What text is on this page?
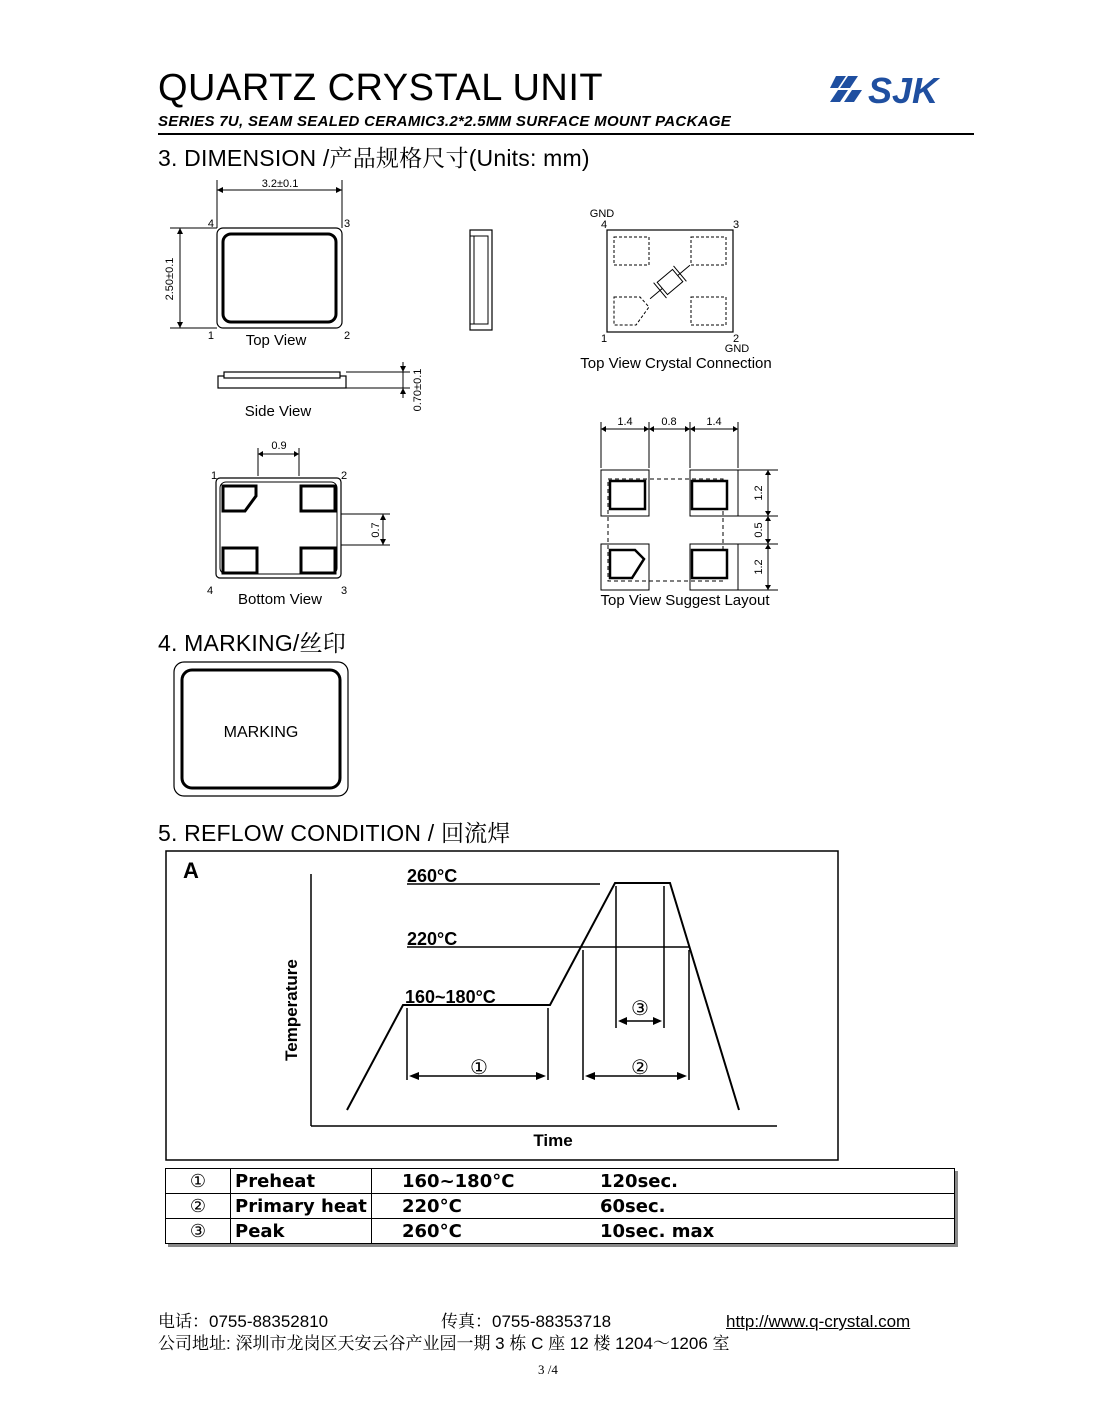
QUARTZ CRYSTAL UNIT
SERIES 7U, SEAM SEALED CERAMIC3.2*2.5MM SURFACE MOUNT PACKAGE
SJK
3. DIMENSION /产品规格尺寸(Units: mm)
3.2±0.1
2.50±0.1
4	3
1	2
Top View
0.70±0.1
Side View
0.9
0.7
1	2
3
4 Bottom View
GND
4	3
1	2
GND
Top View Crystal Connection
1.4	0.8	1.4
1.2
0.5
1.2
Top View Suggest Layout
4. MARKING/丝印
MARKING
5. REFLOW CONDITION / 回流焊
A
Temperature
Time
260°C
220°C
160~180°C
①	②
③
①	Preheat	160~180°C	120sec.
②	Primary heat	220°C	60sec.
③	Peak	260°C	10sec. max
电话：0755-88352810	传真：0755-88353718	http://www.q-crystal.com
公司地址: 深圳市龙岗区天安云谷产业园一期 3 栋 C 座 12 楼 1204～1206 室
3 /4
